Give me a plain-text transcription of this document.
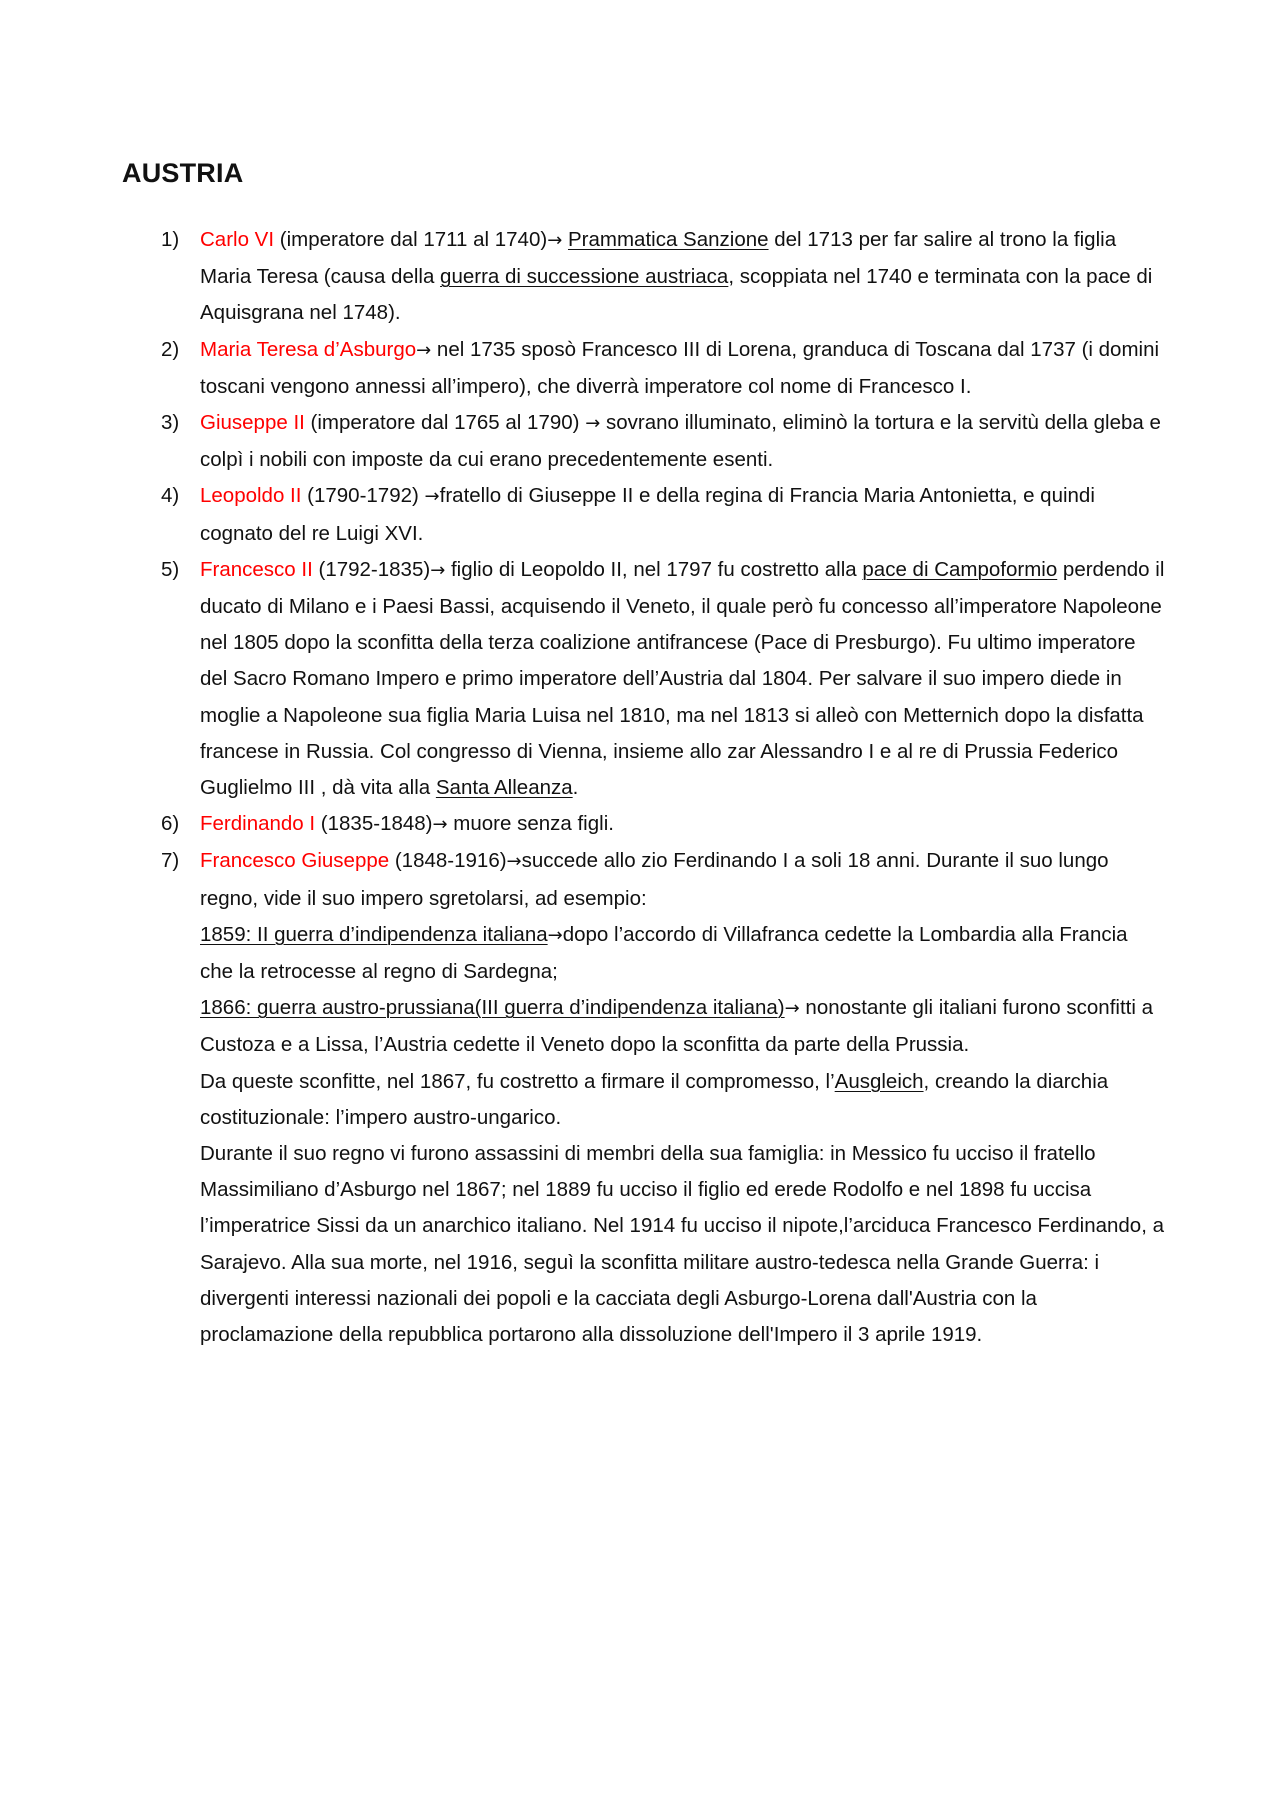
AUSTRIA
1) Carlo VI (imperatore dal 1711 al 1740)→ Prammatica Sanzione del 1713 per far salire al trono la figlia Maria Teresa (causa della guerra di successione austriaca, scoppiata nel 1740 e terminata con la pace di Aquisgrana nel 1748).
2) Maria Teresa d’Asburgo→ nel 1735 sposò Francesco III di Lorena, granduca di Toscana dal 1737 (i domini toscani vengono annessi all’impero), che diverrà imperatore col nome di Francesco I.
3) Giuseppe II (imperatore dal 1765 al 1790) → sovrano illuminato, eliminò la tortura e la servitù della gleba e colpì i nobili con imposte da cui erano precedentemente esenti.
4) Leopoldo II (1790-1792) →fratello di Giuseppe II e della regina di Francia Maria Antonietta, e quindi cognato del re Luigi XVI.
5) Francesco II (1792-1835)→ figlio di Leopoldo II, nel 1797 fu costretto alla pace di Campoformio perdendo il ducato di Milano e i Paesi Bassi, acquisendo il Veneto, il quale però fu concesso all’imperatore Napoleone nel 1805 dopo la sconfitta della terza coalizione antifrancese (Pace di Presburgo). Fu ultimo imperatore del Sacro Romano Impero e primo imperatore dell’Austria dal 1804. Per salvare il suo impero diede in moglie a Napoleone sua figlia Maria Luisa nel 1810, ma nel 1813 si alleò con Metternich dopo la disfatta francese in Russia. Col congresso di Vienna, insieme allo zar Alessandro I e al re di Prussia Federico Guglielmo III , dà vita alla Santa Alleanza.
6) Ferdinando I (1835-1848)→ muore senza figli.
7) Francesco Giuseppe (1848-1916)→succede allo zio Ferdinando I a soli 18 anni. Durante il suo lungo regno, vide il suo impero sgretolarsi, ad esempio:
1859: II guerra d’indipendenza italiana→dopo l’accordo di Villafranca cedette la Lombardia alla Francia che la retrocesse al regno di Sardegna;
1866: guerra austro-prussiana(III guerra d’indipendenza italiana)→ nonostante gli italiani furono sconfitti a Custoza e a Lissa, l’Austria cedette il Veneto dopo la sconfitta da parte della Prussia.
Da queste sconfitte, nel 1867, fu costretto a firmare il compromesso, l’Ausgleich, creando la diarchia costituzionale: l’impero austro-ungarico.
Durante il suo regno vi furono assassini di membri della sua famiglia: in Messico fu ucciso il fratello Massimiliano d’Asburgo nel 1867; nel 1889 fu ucciso il figlio ed erede Rodolfo e nel 1898 fu uccisa l’imperatrice Sissi da un anarchico italiano. Nel 1914 fu ucciso il nipote,l’arciduca Francesco Ferdinando, a Sarajevo. Alla sua morte, nel 1916, seguì la sconfitta militare austro-tedesca nella Grande Guerra: i divergenti interessi nazionali dei popoli e la cacciata degli Asburgo-Lorena dall'Austria con la proclamazione della repubblica portarono alla dissoluzione dell'Impero il 3 aprile 1919.
